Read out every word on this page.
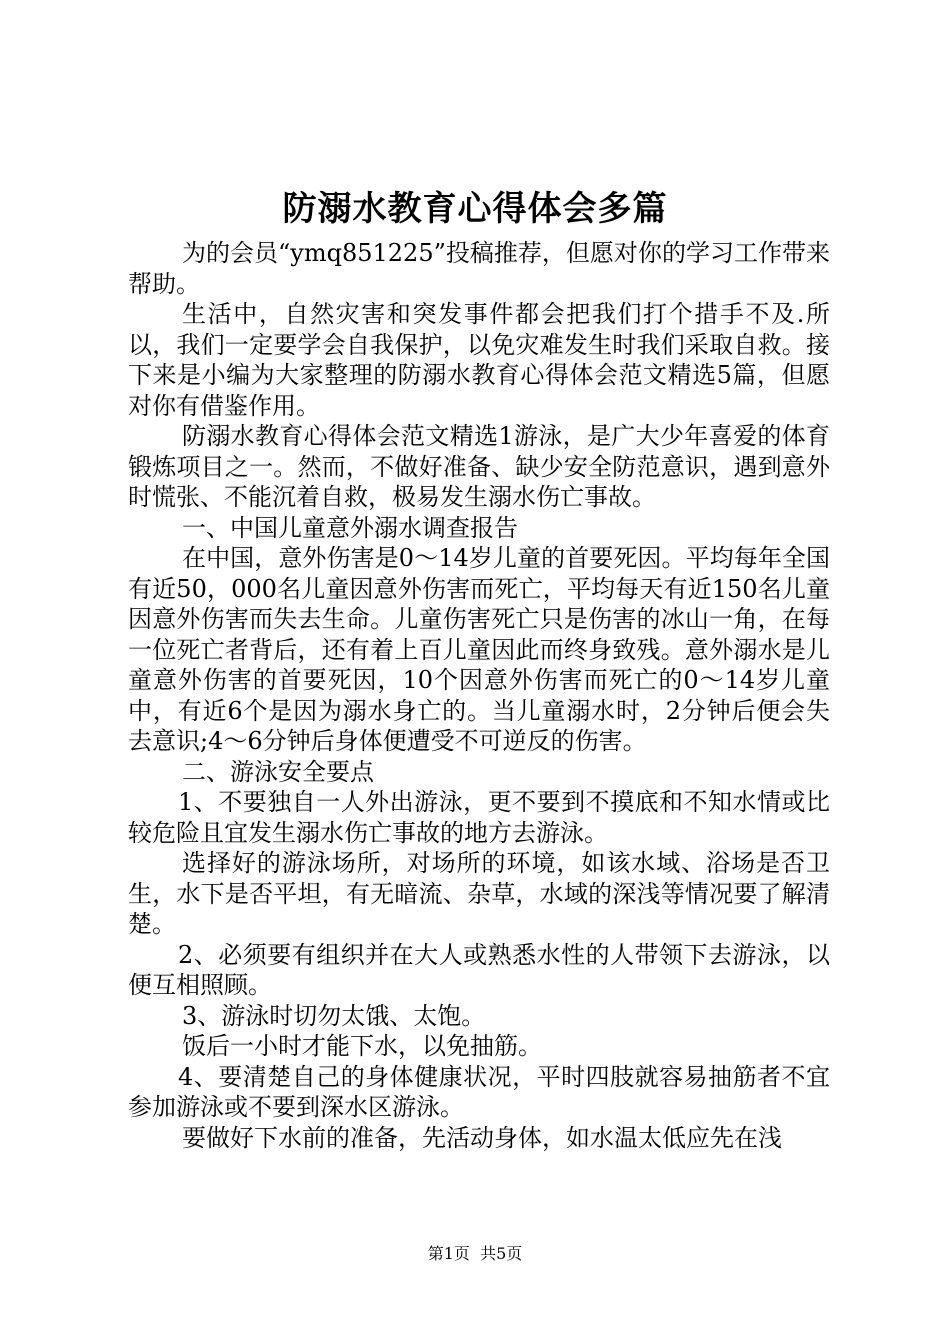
防溺水教育心得体会多篇

为的会员“ymq851225”投稿推荐，但愿对你的学习工作带来帮助。

生活中，自然灾害和突发事件都会把我们打个措手不及.所以，我们一定要学会自我保护，以免灾难发生时我们采取自救。接下来是小编为大家整理的防溺水教育心得体会范文精选5篇，但愿对你有借鉴作用。

防溺水教育心得体会范文精选1游泳，是广大少年喜爱的体育锻炼项目之一。然而，不做好准备、缺少安全防范意识，遇到意外时慌张、不能沉着自救，极易发生溺水伤亡事故。

一、中国儿童意外溺水调查报告

在中国，意外伤害是0～14岁儿童的首要死因。平均每年全国有近50，000名儿童因意外伤害而死亡，平均每天有近150名儿童因意外伤害而失去生命。儿童伤害死亡只是伤害的冰山一角，在每一位死亡者背后，还有着上百儿童因此而终身致残。意外溺水是儿童意外伤害的首要死因，10个因意外伤害而死亡的0～14岁儿童中，有近6个是因为溺水身亡的。当儿童溺水时，2分钟后便会失去意识;4～6分钟后身体便遭受不可逆反的伤害。

二、游泳安全要点

1、不要独自一人外出游泳，更不要到不摸底和不知水情或比较危险且宜发生溺水伤亡事故的地方去游泳。

选择好的游泳场所，对场所的环境，如该水域、浴场是否卫生，水下是否平坦，有无暗流、杂草，水域的深浅等情况要了解清楚。

2、必须要有组织并在大人或熟悉水性的人带领下去游泳，以便互相照顾。

3、游泳时切勿太饿、太饱。

饭后一小时才能下水，以免抽筋。

4、要清楚自己的身体健康状况，平时四肢就容易抽筋者不宜参加游泳或不要到深水区游泳。

要做好下水前的准备，先活动身体，如水温太低应先在浅

第1页 共5页
